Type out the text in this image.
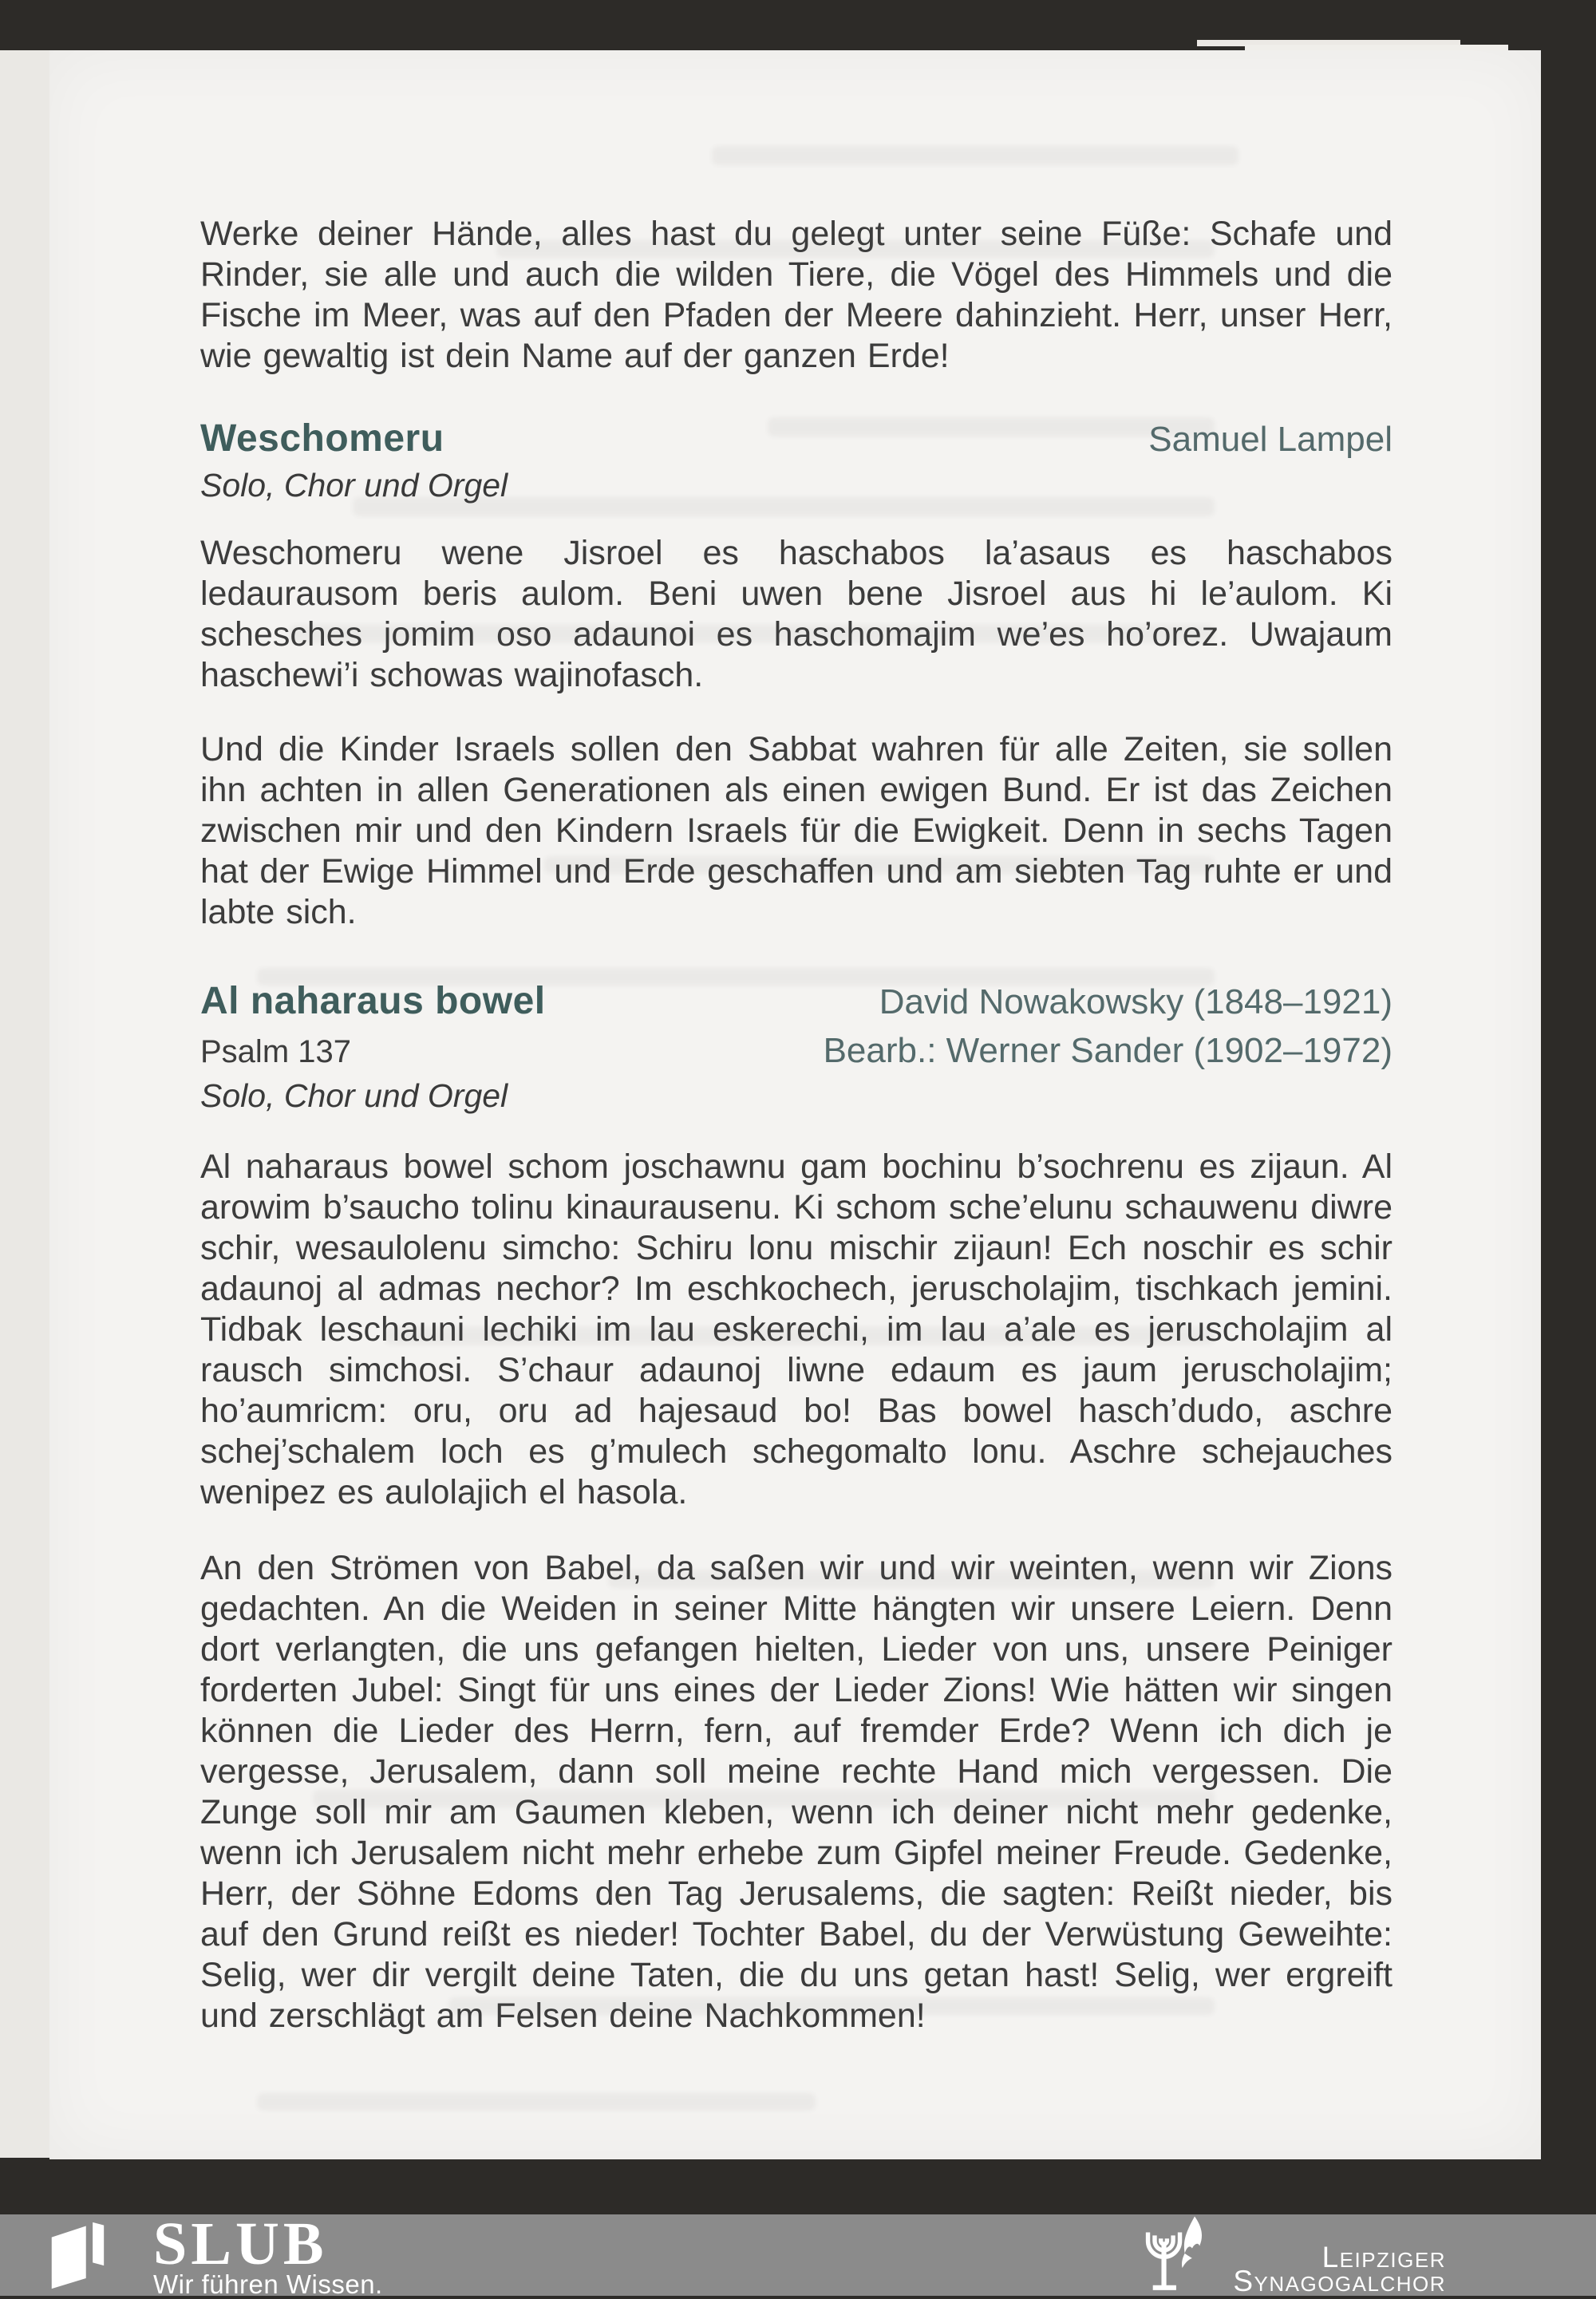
Werke deiner Hände, alles hast du gelegt unter seine Füße: Schafe und Rinder, sie alle und auch die wilden Tiere, die Vögel des Himmels und die Fische im Meer, was auf den Pfaden der Meere dahinzieht. Herr, unser Herr, wie gewaltig ist dein Name auf der ganzen Erde!

Weschomeru	Samuel Lampel
Solo, Chor und Orgel

Weschomeru wene Jisroel es haschabos la’asaus es haschabos ledaurausom beris aulom. Beni uwen bene Jisroel aus hi le’aulom. Ki schesches jomim oso adaunoi es haschomajim we’es ho’orez. Uwajaum haschewi’i schowas wajinofasch.

Und die Kinder Israels sollen den Sabbat wahren für alle Zeiten, sie sollen ihn achten in allen Generationen als einen ewigen Bund. Er ist das Zeichen zwischen mir und den Kindern Israels für die Ewigkeit. Denn in sechs Tagen hat der Ewige Himmel und Erde geschaffen und am siebten Tag ruhte er und labte sich.

Al naharaus bowel	David Nowakowsky (1848–1921)
Psalm 137	Bearb.: Werner Sander (1902–1972)
Solo, Chor und Orgel

Al naharaus bowel schom joschawnu gam bochinu b’sochrenu es zijaun. Al arowim b’saucho tolinu kinaurausenu. Ki schom sche’elunu schauwenu diwre schir, wesaulolenu simcho: Schiru lonu mischir zijaun! Ech noschir es schir adaunoj al admas nechor? Im eschkochech, jeruscholajim, tischkach jemini. Tidbak leschauni lechiki im lau eskerechi, im lau a’ale es jeruscholajim al rausch simchosi. S’chaur adaunoj liwne edaum es jaum jeruscholajim; ho’aumricm: oru, oru ad hajesaud bo! Bas bowel hasch’dudo, aschre schej’schalem loch es g’mulech schegomalto lonu. Aschre schejauches wenipez es aulolajich el hasola.

An den Strömen von Babel, da saßen wir und wir weinten, wenn wir Zions gedachten. An die Weiden in seiner Mitte hängten wir unsere Leiern. Denn dort verlangten, die uns gefangen hielten, Lieder von uns, unsere Peiniger forderten Jubel: Singt für uns eines der Lieder Zions! Wie hätten wir singen können die Lieder des Herrn, fern, auf fremder Erde? Wenn ich dich je vergesse, Jerusalem, dann soll meine rechte Hand mich vergessen. Die Zunge soll mir am Gaumen kleben, wenn ich deiner nicht mehr gedenke, wenn ich Jerusalem nicht mehr erhebe zum Gipfel meiner Freude. Gedenke, Herr, der Söhne Edoms den Tag Jerusalems, die sagten: Reißt nieder, bis auf den Grund reißt es nieder! Tochter Babel, du der Verwüstung Geweihte: Selig, wer dir vergilt deine Taten, die du uns getan hast! Selig, wer ergreift und zerschlägt am Felsen deine Nachkommen!

SLUB
Wir führen Wissen.
Leipziger
Synagogalchor
